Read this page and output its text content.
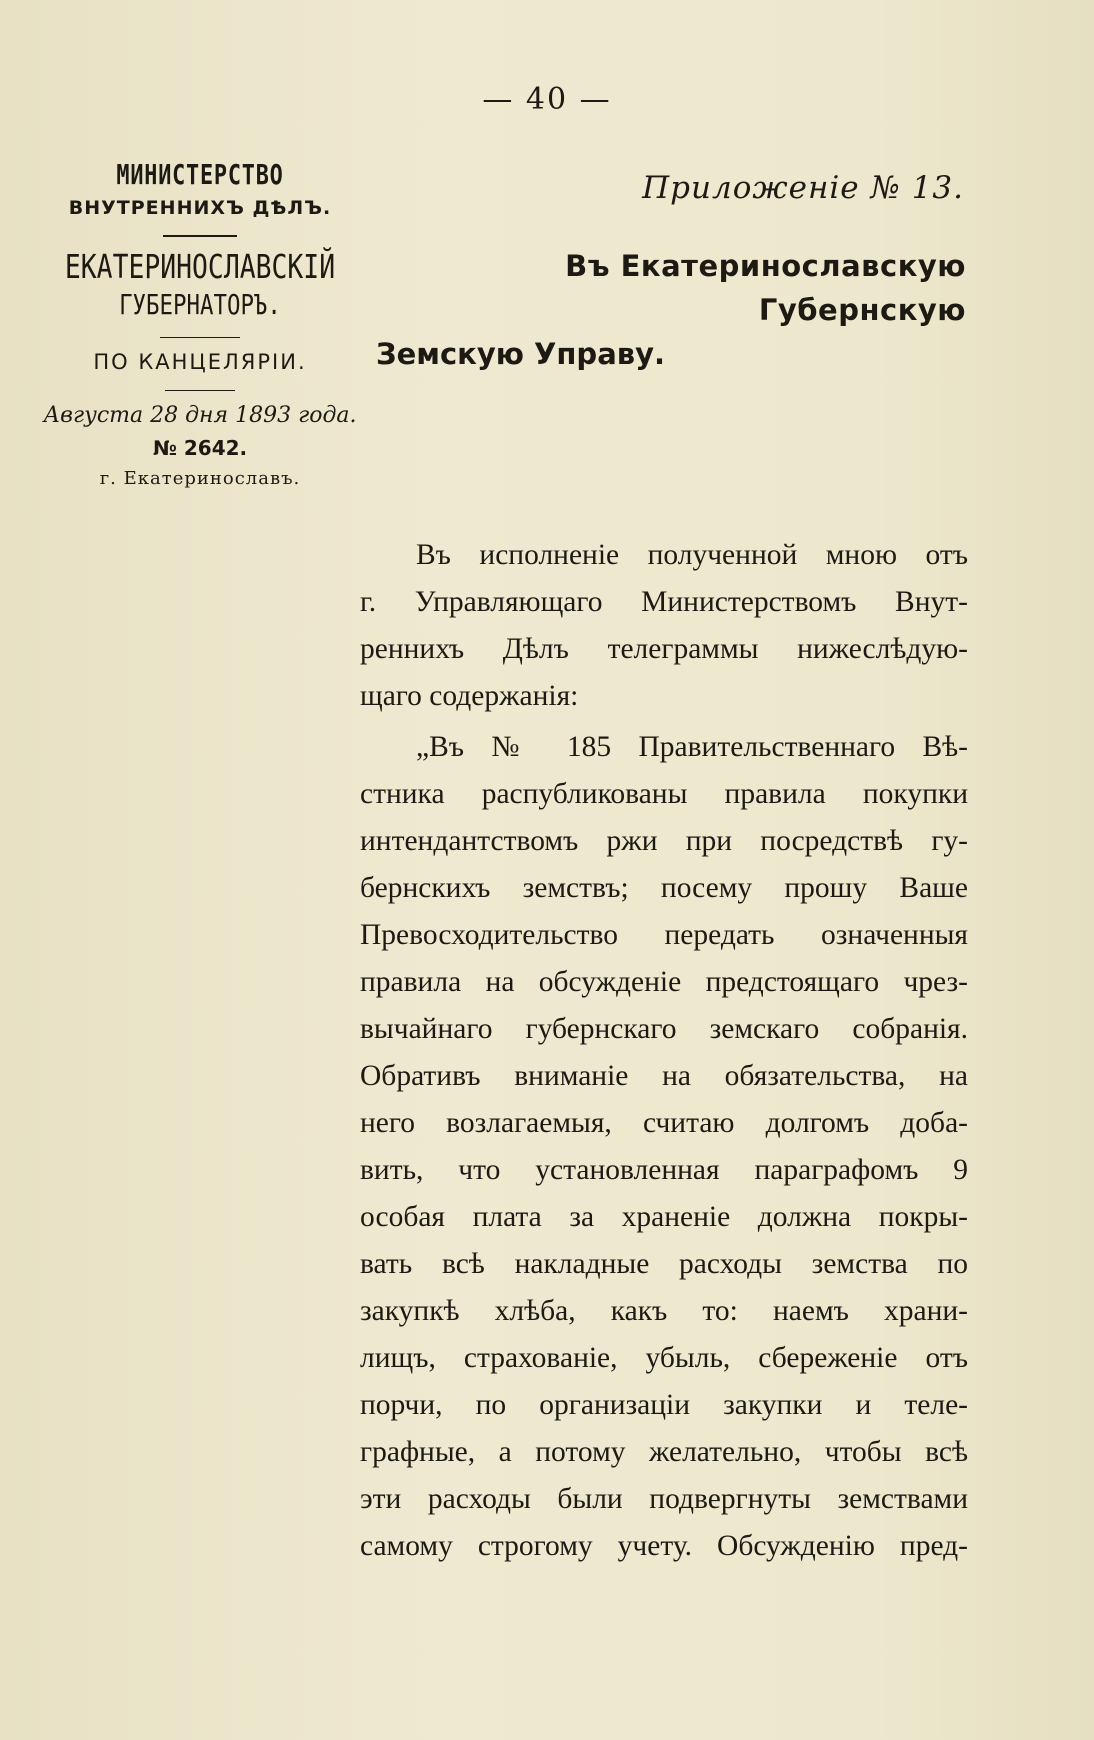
— 40 —
МИНИСТЕРСТВО
ВНУТРЕННИХЪ ДѢЛЪ.
ЕКАТЕРИНОСЛАВСКІЙ
ГУБЕРНАТОРЪ.
ПО КАНЦЕЛЯРІИ.
Августа 28 дня 1893 года.
№ 2642.
г. Екатеринославъ.
Приложеніе № 13.
Въ Екатеринославскую Губернскую
Земскую Управу.
Въ исполненіе полученной мною отъ
г. Управляющаго Министерствомъ Внут-
реннихъ Дѣлъ телеграммы нижеслѣдую-
щаго содержанія:
„Въ № 185 Правительственнаго Вѣ-
стника распубликованы правила покупки
интендантствомъ ржи при посредствѣ гу-
бернскихъ земствъ; посему прошу Ваше
Превосходительство передать означенныя
правила на обсужденіе предстоящаго чрез-
вычайнаго губернскаго земскаго собранія.
Обративъ вниманіе на обязательства, на
него возлагаемыя, считаю долгомъ доба-
вить, что установленная параграфомъ 9
особая плата за храненіе должна покры-
вать всѣ накладные расходы земства по
закупкѣ хлѣба, какъ то: наемъ храни-
лищъ, страхованіе, убыль, сбереженіе отъ
порчи, по организаціи закупки и теле-
графные, а потому желательно, чтобы всѣ
эти расходы были подвергнуты земствами
самому строгому учету. Обсужденію пред-
